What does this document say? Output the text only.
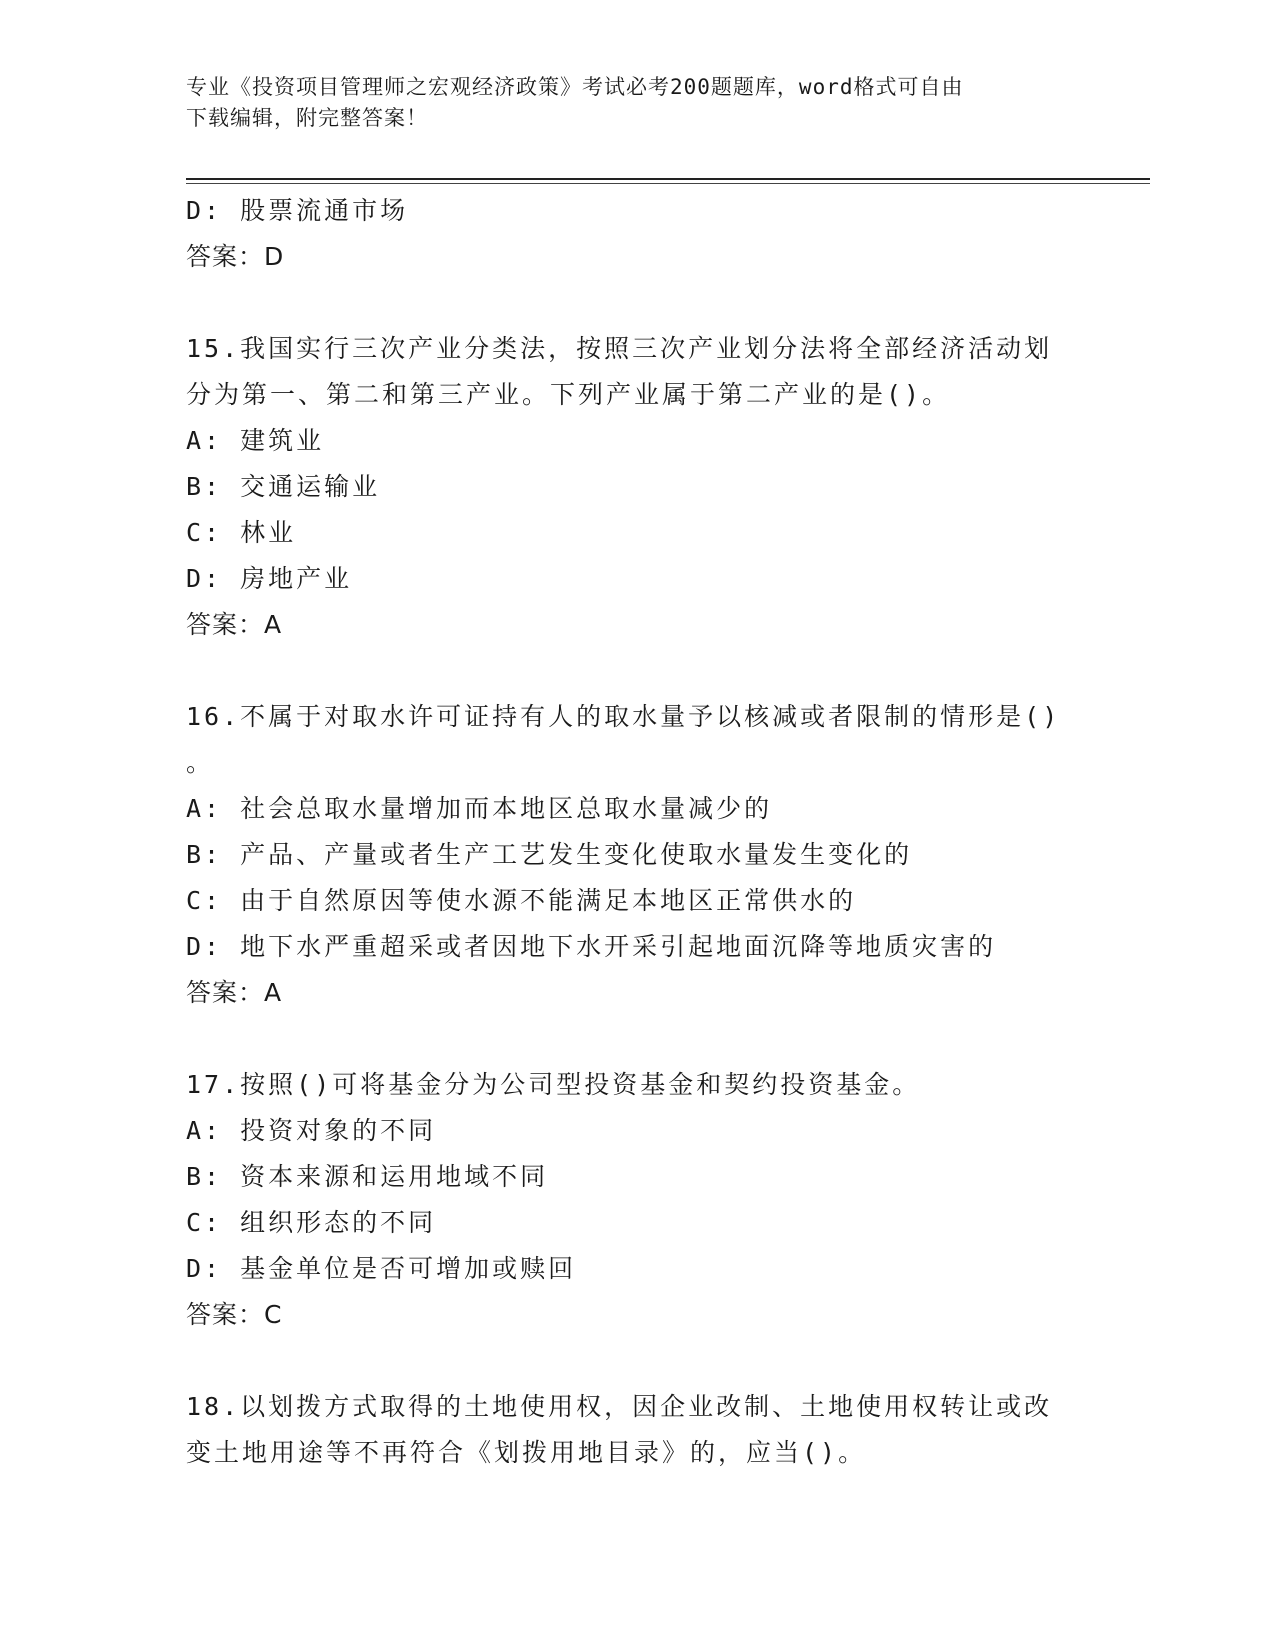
专业《投资项目管理师之宏观经济政策》考试必考200题题库，word格式可自由
下载编辑，附完整答案！
D: 股票流通市场
答案：D
15.我国实行三次产业分类法，按照三次产业划分法将全部经济活动划
分为第一、第二和第三产业。下列产业属于第二产业的是()。
A: 建筑业
B: 交通运输业
C: 林业
D: 房地产业
答案：A
16.不属于对取水许可证持有人的取水量予以核减或者限制的情形是()
。
A: 社会总取水量增加而本地区总取水量减少的
B: 产品、产量或者生产工艺发生变化使取水量发生变化的
C: 由于自然原因等使水源不能满足本地区正常供水的
D: 地下水严重超采或者因地下水开采引起地面沉降等地质灾害的
答案：A
17.按照()可将基金分为公司型投资基金和契约投资基金。
A: 投资对象的不同
B: 资本来源和运用地域不同
C: 组织形态的不同
D: 基金单位是否可增加或赎回
答案：C
18.以划拨方式取得的土地使用权，因企业改制、土地使用权转让或改
变土地用途等不再符合《划拨用地目录》的，应当()。
